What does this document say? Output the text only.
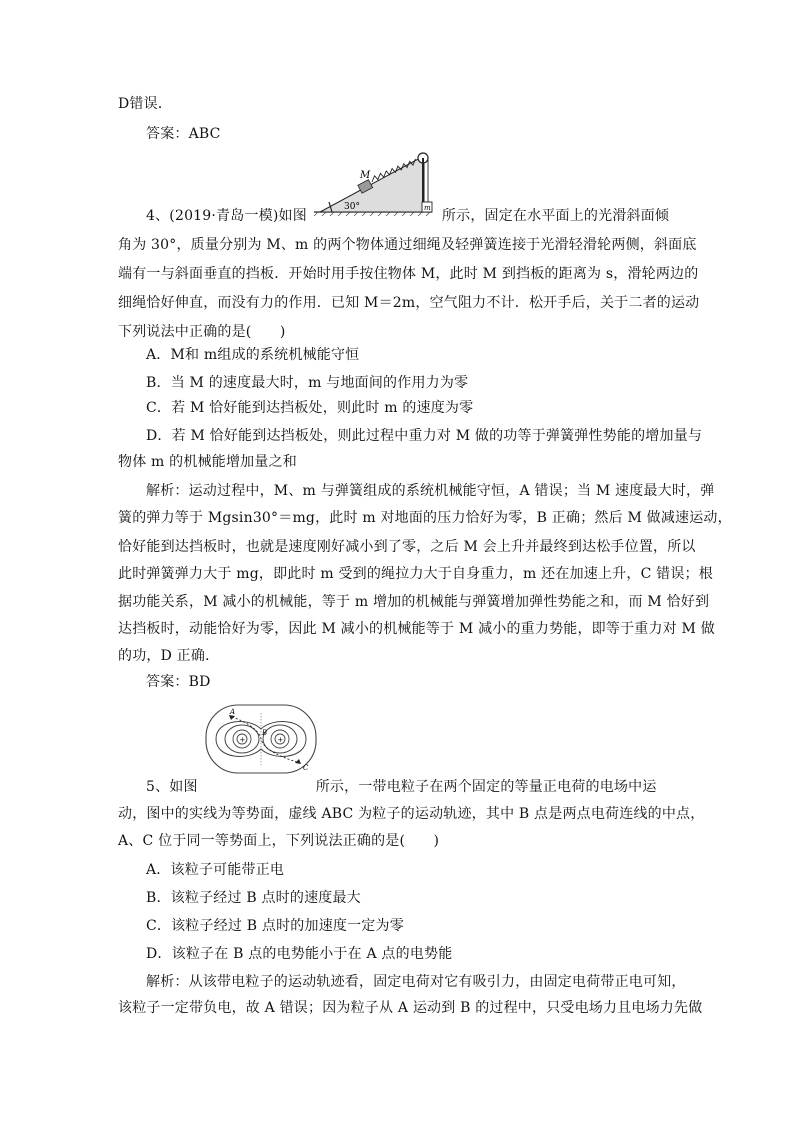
D错误．
答案：ABC
M
30°	m
4、(2019·青岛一模)如图	所示，固定在水平面上的光滑斜面倾
角为 30°，质量分别为 M、m 的两个物体通过细绳及轻弹簧连接于光滑轻滑轮两侧，斜面底
端有一与斜面垂直的挡板．开始时用手按住物体 M，此时 M 到挡板的距离为 s，滑轮两边的
细绳恰好伸直，而没有力的作用．已知 M＝2m，空气阻力不计．松开手后，关于二者的运动
下列说法中正确的是(　　)
A．M和 m组成的系统机械能守恒
B．当 M 的速度最大时，m 与地面间的作用力为零
C．若 M 恰好能到达挡板处，则此时 m 的速度为零
D．若 M 恰好能到达挡板处，则此过程中重力对 M 做的功等于弹簧弹性势能的增加量与
物体 m 的机械能增加量之和
解析：运动过程中，M、m 与弹簧组成的系统机械能守恒，A 错误；当 M 速度最大时，弹
簧的弹力等于 Mgsin30°＝mg，此时 m 对地面的压力恰好为零，B 正确；然后 M 做减速运动，
恰好能到达挡板时，也就是速度刚好减小到了零，之后 M 会上升并最终到达松手位置，所以
此时弹簧弹力大于 mg，即此时 m 受到的绳拉力大于自身重力，m 还在加速上升，C 错误；根
据功能关系，M 减小的机械能，等于 m 增加的机械能与弹簧增加弹性势能之和，而 M 恰好到
达挡板时，动能恰好为零，因此 M 减小的机械能等于 M 减小的重力势能，即等于重力对 M 做
的功，D 正确．
答案：BD
+	+
A
B
C
5、如图	所示，一带电粒子在两个固定的等量正电荷的电场中运
动，图中的实线为等势面，虚线 ABC 为粒子的运动轨迹，其中 B 点是两点电荷连线的中点，
A、C 位于同一等势面上，下列说法正确的是(　　)
A．该粒子可能带正电
B．该粒子经过 B 点时的速度最大
C．该粒子经过 B 点时的加速度一定为零
D．该粒子在 B 点的电势能小于在 A 点的电势能
解析：从该带电粒子的运动轨迹看，固定电荷对它有吸引力，由固定电荷带正电可知，
该粒子一定带负电，故 A 错误；因为粒子从 A 运动到 B 的过程中，只受电场力且电场力先做
